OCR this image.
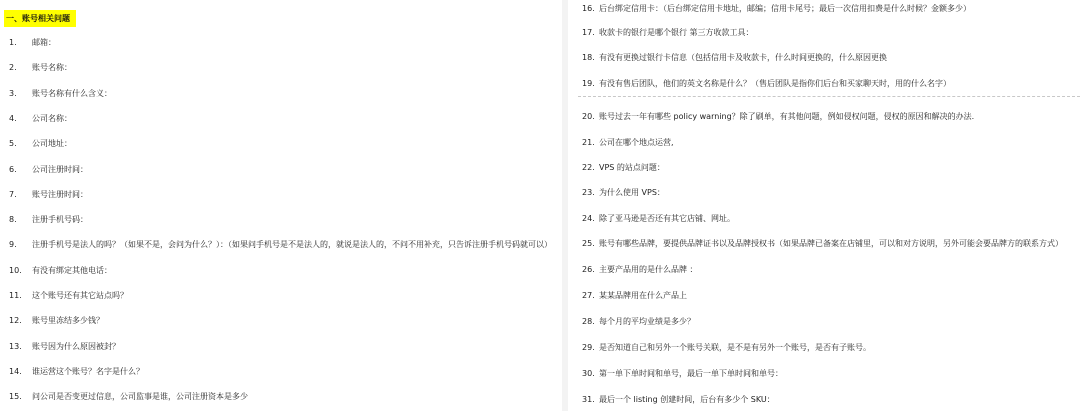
一、账号相关问题
1. 邮箱：
2. 账号名称：
3. 账号名称有什么含义：
4. 公司名称：
5. 公司地址：
6. 公司注册时间：
7. 账号注册时间：
8. 注册手机号码：
9. 注册手机号是法人的吗？（如果不是，会问为什么？）：（如果问手机号是不是法人的，就说是法人的，不问不用补充，只告诉注册手机号码就可以）
10. 有没有绑定其他电话：
11. 这个账号还有其它站点吗？
12. 账号里冻结多少钱？
13. 账号因为什么原因被封？
14. 谁运营这个账号？名字是什么？
15. 问公司是否变更过信息，公司监事是谁，公司注册资本是多少
16. 后台绑定信用卡：（后台绑定信用卡地址，邮编；信用卡尾号；最后一次信用扣费是什么时候？金额多少）
17. 收款卡的银行是哪个银行 第三方收款工具：
18. 有没有更换过银行卡信息（包括信用卡及收款卡，什么时间更换的，什么原因更换
19. 有没有售后团队，他们的英文名称是什么？（售后团队是指你们后台和买家聊天时，用的什么名字）
20. 账号过去一年有哪些 policy warning？除了刷单，有其他问题，例如侵权问题，侵权的原因和解决的办法.
21. 公司在哪个地点运营,
22. VPS 的站点问题：
23. 为什么使用 VPS：
24. 除了亚马逊是否还有其它店铺、网址。
25. 账号有哪些品牌，要提供品牌证书以及品牌授权书（如果品牌已备案在店铺里，可以和对方说明，另外可能会要品牌方的联系方式）
26. 主要产品用的是什么品牌 ：
27. 某某品牌用在什么产品上
28. 每个月的平均业绩是多少？
29. 是否知道自己和另外一个账号关联，是不是有另外一个账号，是否有子账号。
30. 第一单下单时间和单号，最后一单下单时间和单号：
31. 最后一个 listing 创建时间，后台有多少个 SKU：
